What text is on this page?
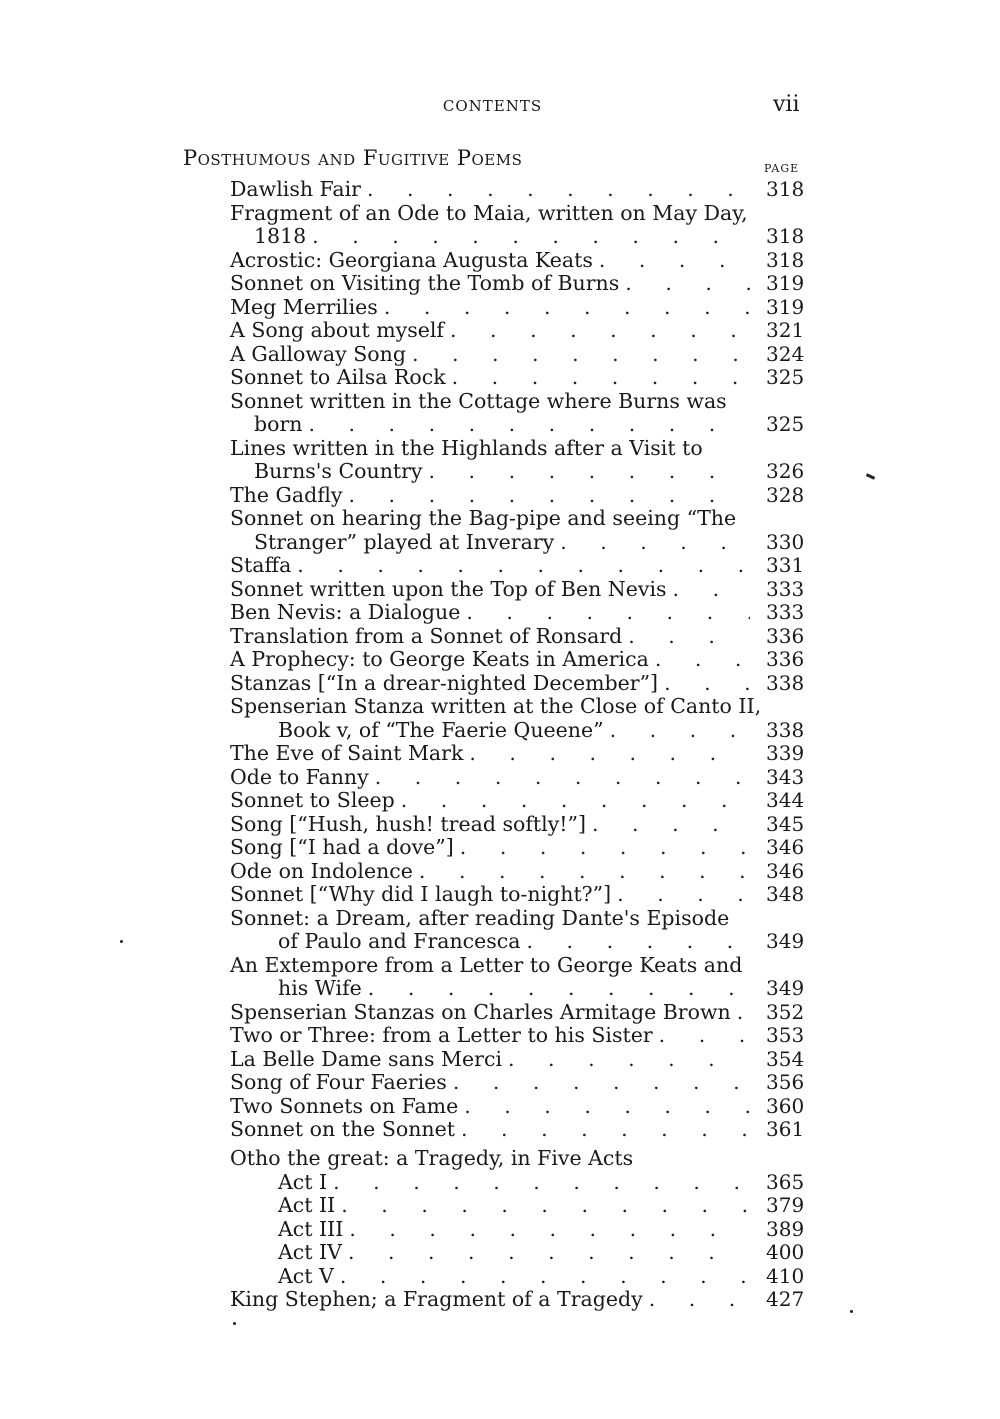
CONTENTS	vii
Posthumous and Fugitive Poems	PAGE
Dawlish Fair . . .	318
Fragment of an Ode to Maia, written on May Day,
1818 . . .	318
Acrostic: Georgiana Augusta Keats . . .	318
Sonnet on Visiting the Tomb of Burns . . .	319
Meg Merrilies . . .	319
A Song about myself . . .	321
A Galloway Song . . .	324
Sonnet to Ailsa Rock . . .	325
Sonnet written in the Cottage where Burns was
born . . .	325
Lines written in the Highlands after a Visit to
Burns's Country . . .	326
The Gadfly . . .	328
Sonnet on hearing the Bag-pipe and seeing “The
Stranger” played at Inverary . . .	330
Staffa . . .	331
Sonnet written upon the Top of Ben Nevis . . .	333
Ben Nevis: a Dialogue . . .	333
Translation from a Sonnet of Ronsard . . .	336
A Prophecy: to George Keats in America . . .	336
Stanzas [“In a drear-nighted December”] . . .	338
Spenserian Stanza written at the Close of Canto II,
Book v, of “The Faerie Queene” . . .	338
The Eve of Saint Mark . . .	339
Ode to Fanny . . .	343
Sonnet to Sleep . . .	344
Song [“Hush, hush! tread softly!”] . . .	345
Song [“I had a dove”] . . .	346
Ode on Indolence . . .	346
Sonnet [“Why did I laugh to-night?”] . . .	348
Sonnet: a Dream, after reading Dante's Episode
of Paulo and Francesca . . .	349
An Extempore from a Letter to George Keats and
his Wife . . .	349
Spenserian Stanzas on Charles Armitage Brown . . . 352
Two or Three: from a Letter to his Sister . . .	353
La Belle Dame sans Merci . . .	354
Song of Four Faeries . . .	356
Two Sonnets on Fame . . .	360
Sonnet on the Sonnet . . .	361
Otho the great: a Tragedy, in Five Acts
Act I . . .	365
Act II . . .	379
Act III . . .	389
Act IV . . .	400
Act V . . .	410
King Stephen; a Fragment of a Tragedy . . .	427
